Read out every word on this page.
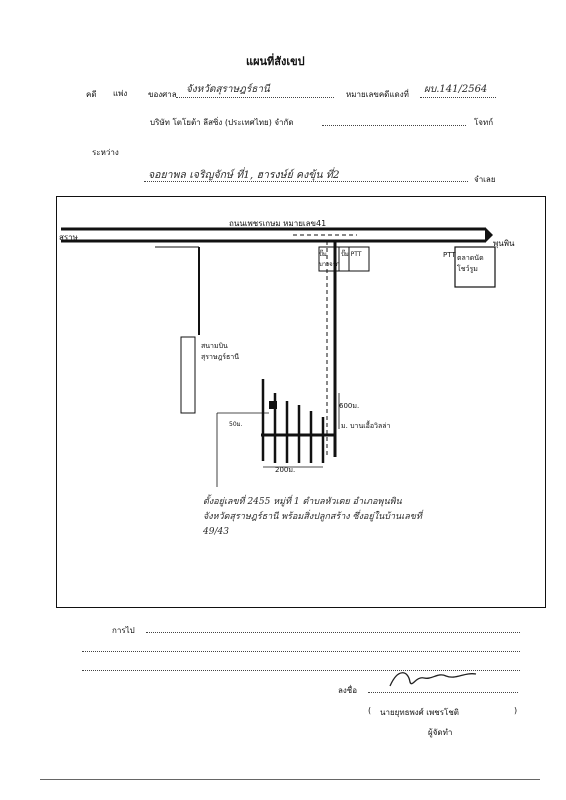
แผนที่สังเขป
คดี แพ่ง	ของศาล จังหวัดสุราษฎร์ธานี	หมายเลขคดีแดงที่ ผบ.141/2564
ระหว่าง
บริษัท โตโยต้า ลีสซิ่ง (ประเทศไทย) จำกัด	โจทก์
จอยาพล เจริญจักษ์ ที่1, ฮารงษ์ย์ คงขุ้น ที่2	จำเลย
ถนนเพชรเกษม หมายเลข41
สุราษ
พุนพิน
ปั๊ม บางจาก
ปั๊ม PTT	PTT ตลาดนัด โชว์รูม
สนามบิน สุราษฎร์ธานี
600ม.
ม. บานเอื้อวิลล่า
50ม.
200ม.
ตั้งอยู่เลขที่ 2455 หมู่ที่ 1 ตำบลหัวเตย อำเภอพุนพิน จังหวัดสุราษฎร์ธานี พร้อมสิ่งปลูกสร้าง ซึ่งอยู่ในบ้านเลขที่ 49/43
การไป
ลงชื่อ
( นายยุทธพงศ์ เพชรโชติ	)
ผู้จัดทำ
